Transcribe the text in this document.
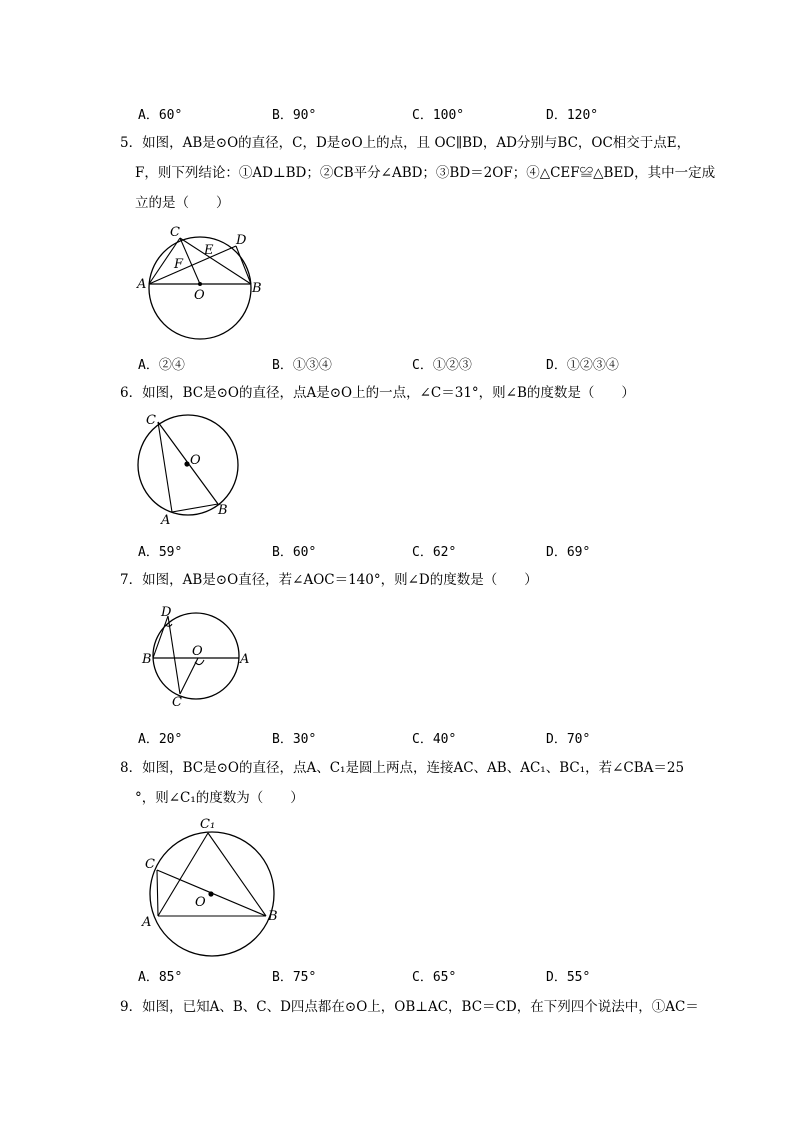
A．60°	B．90°	C．100°	D．120°

5．如图，AB是⊙O的直径，C，D是⊙O上的点，且 OC∥BD，AD分别与BC，OC相交于点E，

F，则下列结论：①AD⊥BD；②CB平分∠ABD；③BD＝2OF；④△CEF≌△BED，其中一定成

立的是（　　）

C
D
E
F
A	B
O
A．②④	B．①③④	C．①②③	D．①②③④

6．如图，BC是⊙O的直径，点A是⊙O上的一点，∠C＝31°，则∠B的度数是（　　）

C
O
A
B
A．59°	B．60°	C．62°	D．69°

7．如图，AB是⊙O直径，若∠AOC＝140°，则∠D的度数是（　　）

D
O
B	A
C
A．20°	B．30°	C．40°	D．70°

8．如图，BC是⊙O的直径，点A、C₁是圆上两点，连接AC、AB、AC₁、BC₁，若∠CBA＝25

°，则∠C₁的度数为（　　）

C₁
C
O
A	B
A．85°	B．75°	C．65°	D．55°

9．如图，已知A、B、C、D四点都在⊙O上，OB⊥AC，BC＝CD，在下列四个说法中，①AC＝
